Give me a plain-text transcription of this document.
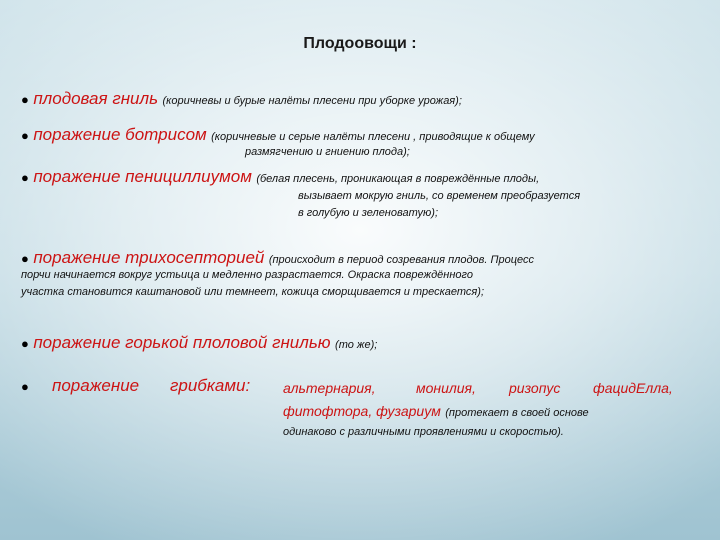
Плодоовощи :
● плодовая гниль (коричневы и бурые налёты плесени при уборке урожая);
● поражение ботрисом (коричневые и серые налёты плесени , приводящие к общему
размягчению и гниению плода);
● поражение пенициллиумом (белая плесень, проникающая в повреждённые плоды,
вызывает мокрую гниль, со временем преобразуется
в голубую и зеленоватую);
● поражение трихосепторией (происходит в период созревания плодов. Процесс
порчи начинается вокруг устьица и медленно разрастается. Окраска повреждённого
участка становится каштановой или темнеет, кожица сморщивается и трескается);
● поражение горькой плоловой гнилью (то же);
● поражение грибками: альтернария,	монилия, ризопус фацидЕлла,
фитофтора, фузариум (протекает в своей основе
одинаково с различными проявлениями и скоростью).
